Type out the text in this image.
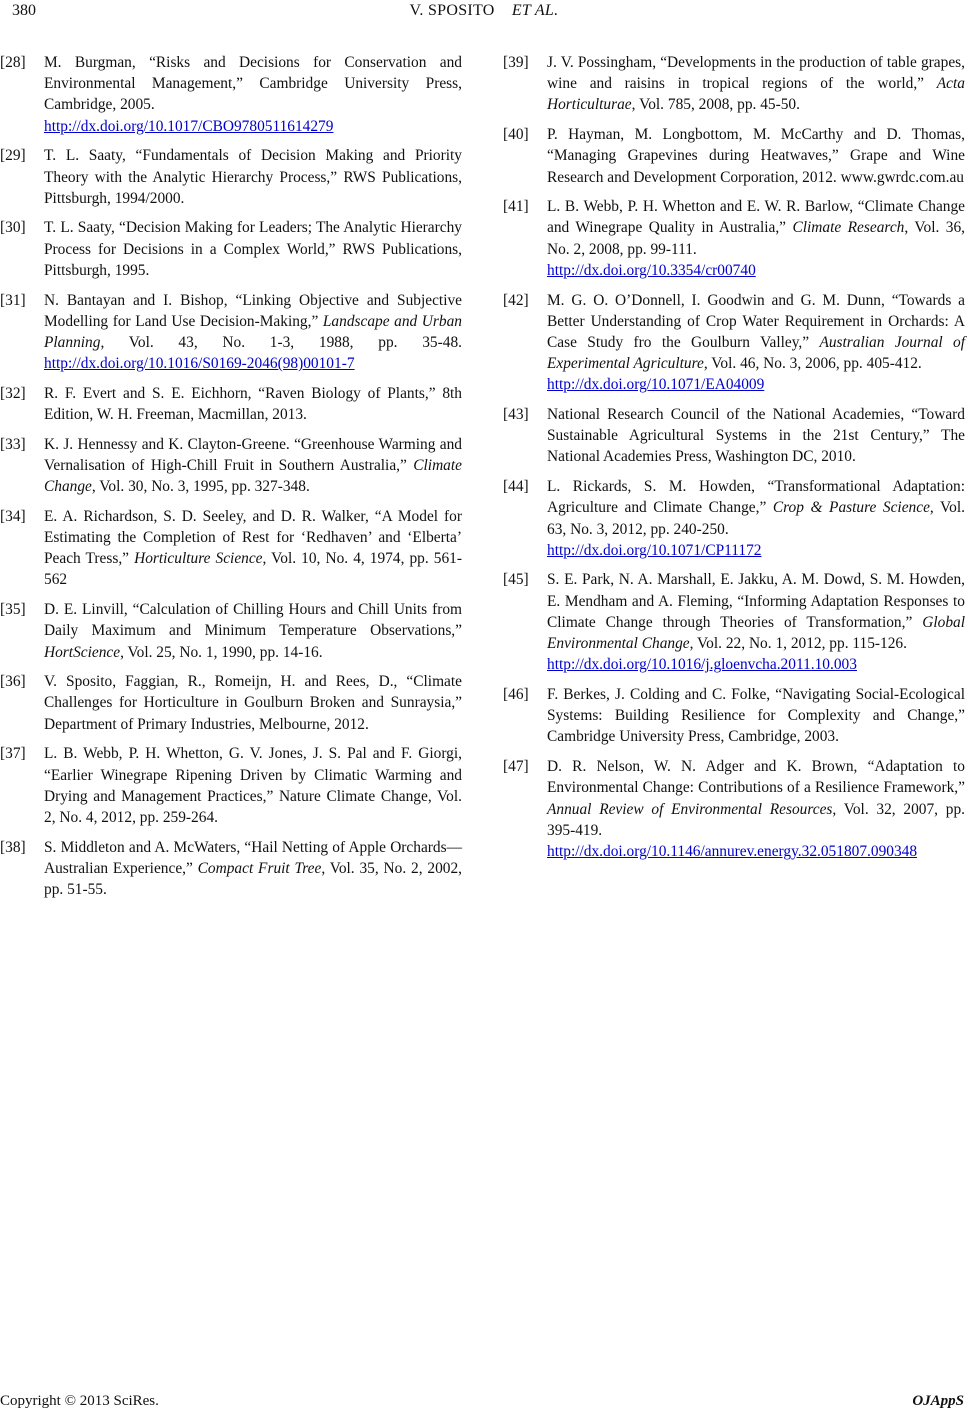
380	V. SPOSITO ET AL.
[28]	M. Burgman, “Risks and Decisions for Conservation and Environmental Management,” Cambridge University Press, Cambridge, 2005.
http://dx.doi.org/10.1017/CBO9780511614279
[29]	T. L. Saaty, “Fundamentals of Decision Making and Priority Theory with the Analytic Hierarchy Process,” RWS Publications, Pittsburgh, 1994/2000.
[30]	T. L. Saaty, “Decision Making for Leaders; The Analytic Hierarchy Process for Decisions in a Complex World,” RWS Publications, Pittsburgh, 1995.
[31]	N. Bantayan and I. Bishop, “Linking Objective and Subjective Modelling for Land Use Decision-Making,” Landscape and Urban Planning, Vol. 43, No. 1-3, 1988, pp. 35-48. http://dx.doi.org/10.1016/S0169-2046(98)00101-7
[32]	R. F. Evert and S. E. Eichhorn, “Raven Biology of Plants,” 8th Edition, W. H. Freeman, Macmillan, 2013.
[33]	K. J. Hennessy and K. Clayton-Greene. “Greenhouse Warming and Vernalisation of High-Chill Fruit in Southern Australia,” Climate Change, Vol. 30, No. 3, 1995, pp. 327-348.
[34]	E. A. Richardson, S. D. Seeley, and D. R. Walker, “A Model for Estimating the Completion of Rest for ‘Redhaven’ and ‘Elberta’ Peach Tress,” Horticulture Science, Vol. 10, No. 4, 1974, pp. 561-562
[35]	D. E. Linvill, “Calculation of Chilling Hours and Chill Units from Daily Maximum and Minimum Temperature Observations,” HortScience, Vol. 25, No. 1, 1990, pp. 14-16.
[36]	V. Sposito, Faggian, R., Romeijn, H. and Rees, D., “Climate Challenges for Horticulture in Goulburn Broken and Sunraysia,” Department of Primary Industries, Melbourne, 2012.
[37]	L. B. Webb, P. H. Whetton, G. V. Jones, J. S. Pal and F. Giorgi, “Earlier Winegrape Ripening Driven by Climatic Warming and Drying and Management Practices,” Nature Climate Change, Vol. 2, No. 4, 2012, pp. 259-264.
[38]	S. Middleton and A. McWaters, “Hail Netting of Apple Orchards—Australian Experience,” Compact Fruit Tree, Vol. 35, No. 2, 2002, pp. 51-55.
[39]	J. V. Possingham, “Developments in the production of table grapes, wine and raisins in tropical regions of the world,” Acta Horticulturae, Vol. 785, 2008, pp. 45-50.
[40]	P. Hayman, M. Longbottom, M. McCarthy and D. Thomas, “Managing Grapevines during Heatwaves,” Grape and Wine Research and Development Corporation, 2012. www.gwrdc.com.au
[41]	L. B. Webb, P. H. Whetton and E. W. R. Barlow, “Climate Change and Winegrape Quality in Australia,” Climate Research, Vol. 36, No. 2, 2008, pp. 99-111.
http://dx.doi.org/10.3354/cr00740
[42]	M. G. O. O’Donnell, I. Goodwin and G. M. Dunn, “Towards a Better Understanding of Crop Water Requirement in Orchards: A Case Study fro the Goulburn Valley,” Australian Journal of Experimental Agriculture, Vol. 46, No. 3, 2006, pp. 405-412.
http://dx.doi.org/10.1071/EA04009
[43]	National Research Council of the National Academies, “Toward Sustainable Agricultural Systems in the 21st Century,” The National Academies Press, Washington DC, 2010.
[44]	L. Rickards, S. M. Howden, “Transformational Adaptation: Agriculture and Climate Change,” Crop & Pasture Science, Vol. 63, No. 3, 2012, pp. 240-250.
http://dx.doi.org/10.1071/CP11172
[45]	S. E. Park, N. A. Marshall, E. Jakku, A. M. Dowd, S. M. Howden, E. Mendham and A. Fleming, “Informing Adaptation Responses to Climate Change through Theories of Transformation,” Global Environmental Change, Vol. 22, No. 1, 2012, pp. 115-126.
http://dx.doi.org/10.1016/j.gloenvcha.2011.10.003
[46]	F. Berkes, J. Colding and C. Folke, “Navigating Social-Ecological Systems: Building Resilience for Complexity and Change,” Cambridge University Press, Cambridge, 2003.
[47]	D. R. Nelson, W. N. Adger and K. Brown, “Adaptation to Environmental Change: Contributions of a Resilience Framework,” Annual Review of Environmental Resources, Vol. 32, 2007, pp. 395-419.
http://dx.doi.org/10.1146/annurev.energy.32.051807.090348
Copyright © 2013 SciRes.	OJAppS
